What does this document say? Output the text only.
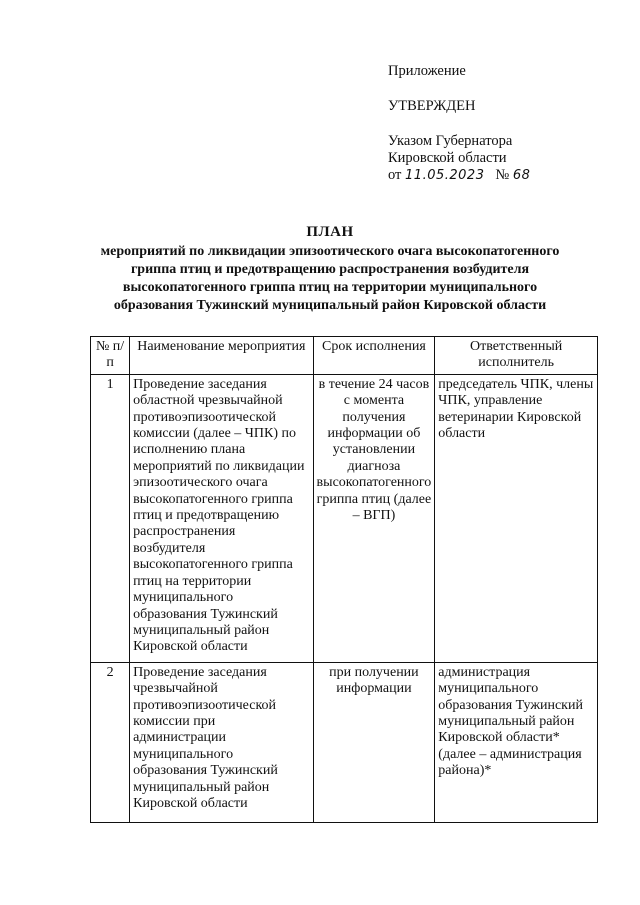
Приложение
УТВЕРЖДЕН
Указом Губернатора
Кировской области
от 11.05.2023 № 68
ПЛАН
мероприятий по ликвидации эпизоотического очага высокопатогенного
гриппа птиц и предотвращению распространения возбудителя
высокопатогенного гриппа птиц на территории муниципального
образования Тужинский муниципальный район Кировской области
№ п/п	Наименование мероприятия	Срок исполнения	Ответственный исполнитель
1	Проведение заседания областной чрезвычайной противоэпизоотической комиссии (далее – ЧПК) по исполнению плана мероприятий по ликвидации эпизоотического очага высокопатогенного гриппа птиц и предотвращению распространения возбудителя высокопатогенного гриппа птиц на территории муниципального образования Тужинский муниципальный район Кировской области	в течение 24 часов с момента получения информации об установлении диагноза высокопатогенного гриппа птиц (далее – ВГП)	председатель ЧПК, члены ЧПК, управление ветеринарии Кировской области
2	Проведение заседания чрезвычайной противоэпизоотической комиссии при администрации муниципального образования Тужинский муниципальный район Кировской области	при получении информации	администрация муниципального образования Тужинский муниципальный район Кировской области* (далее – администрация района)*
